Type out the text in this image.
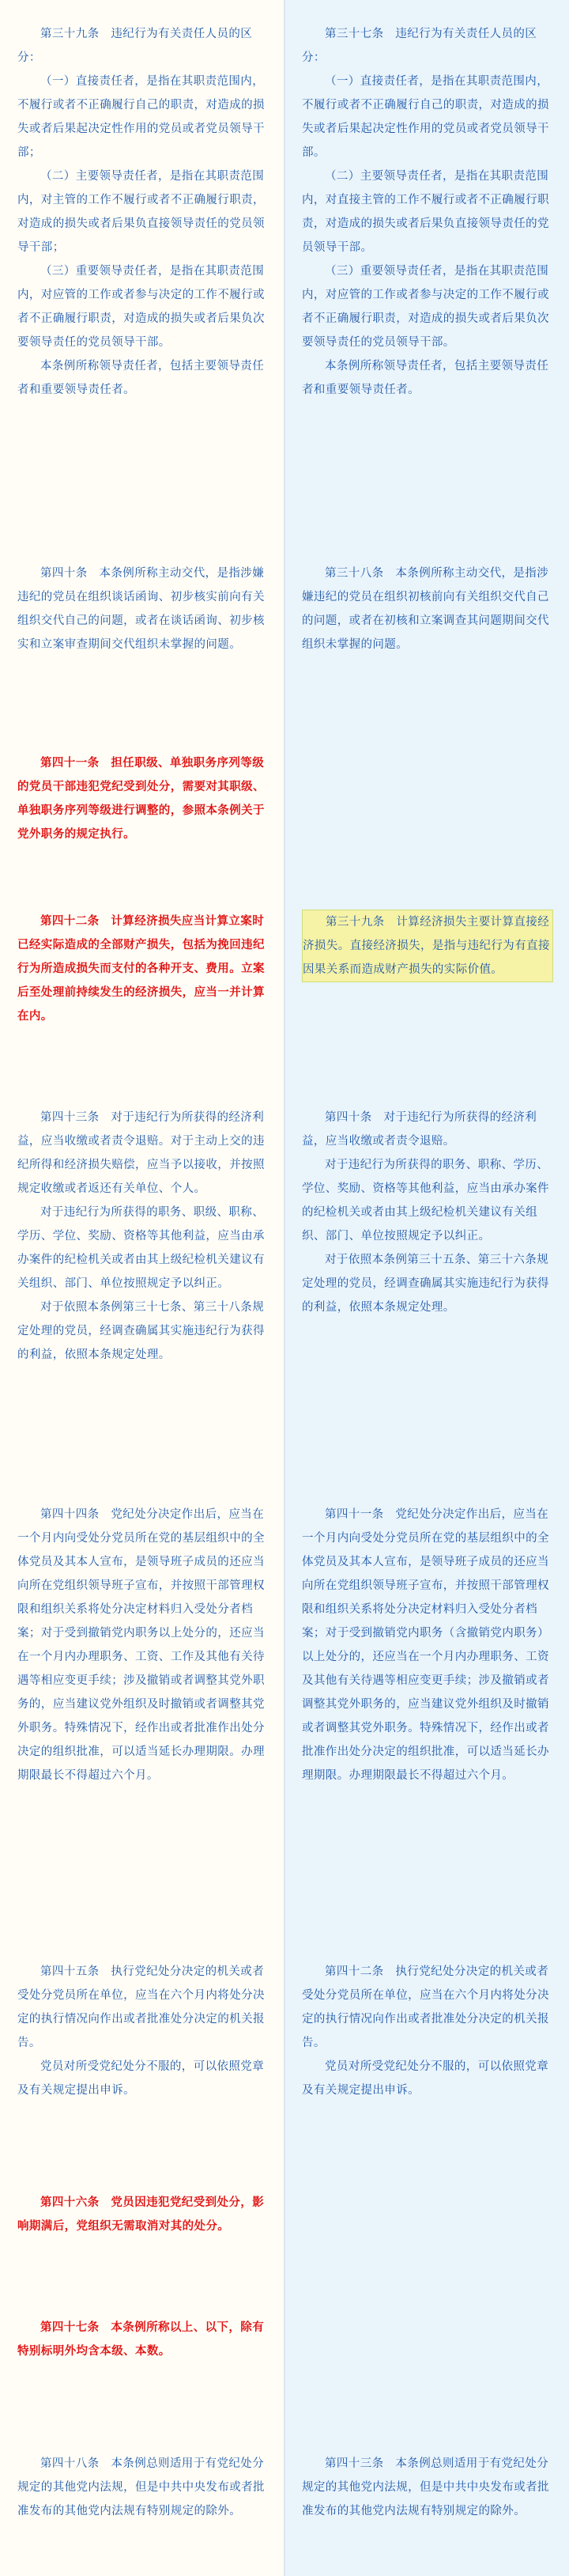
第三十九条　违纪行为有关责任人员的区分：

（一）直接责任者，是指在其职责范围内，不履行或者不正确履行自己的职责，对造成的损失或者后果起决定性作用的党员或者党员领导干部；

（二）主要领导责任者，是指在其职责范围内，对主管的工作不履行或者不正确履行职责，对造成的损失或者后果负直接领导责任的党员领导干部；

（三）重要领导责任者，是指在其职责范围内，对应管的工作或者参与决定的工作不履行或者不正确履行职责，对造成的损失或者后果负次要领导责任的党员领导干部。

本条例所称领导责任者，包括主要领导责任者和重要领导责任者。

第四十条　本条例所称主动交代，是指涉嫌违纪的党员在组织谈话函询、初步核实前向有关组织交代自己的问题，或者在谈话函询、初步核实和立案审查期间交代组织未掌握的问题。

第四十一条　担任职级、单独职务序列等级的党员干部违犯党纪受到处分，需要对其职级、单独职务序列等级进行调整的，参照本条例关于党外职务的规定执行。

第四十二条　计算经济损失应当计算立案时已经实际造成的全部财产损失，包括为挽回违纪行为所造成损失而支付的各种开支、费用。立案后至处理前持续发生的经济损失，应当一并计算在内。

第四十三条　对于违纪行为所获得的经济利益，应当收缴或者责令退赔。对于主动上交的违纪所得和经济损失赔偿，应当予以接收，并按照规定收缴或者返还有关单位、个人。

对于违纪行为所获得的职务、职级、职称、学历、学位、奖励、资格等其他利益，应当由承办案件的纪检机关或者由其上级纪检机关建议有关组织、部门、单位按照规定予以纠正。

对于依照本条例第三十七条、第三十八条规定处理的党员，经调查确属其实施违纪行为获得的利益，依照本条规定处理。

第四十四条　党纪处分决定作出后，应当在一个月内向受处分党员所在党的基层组织中的全体党员及其本人宣布，是领导班子成员的还应当向所在党组织领导班子宣布，并按照干部管理权限和组织关系将处分决定材料归入受处分者档案；对于受到撤销党内职务以上处分的，还应当在一个月内办理职务、工资、工作及其他有关待遇等相应变更手续；涉及撤销或者调整其党外职务的，应当建议党外组织及时撤销或者调整其党外职务。特殊情况下，经作出或者批准作出处分决定的组织批准，可以适当延长办理期限。办理期限最长不得超过六个月。

第四十五条　执行党纪处分决定的机关或者受处分党员所在单位，应当在六个月内将处分决定的执行情况向作出或者批准处分决定的机关报告。

党员对所受党纪处分不服的，可以依照党章及有关规定提出申诉。

第四十六条　党员因违犯党纪受到处分，影响期满后，党组织无需取消对其的处分。

第四十七条　本条例所称以上、以下，除有特别标明外均含本级、本数。

第四十八条　本条例总则适用于有党纪处分规定的其他党内法规，但是中共中央发布或者批准发布的其他党内法规有特别规定的除外。

第三十七条　违纪行为有关责任人员的区分：

（一）直接责任者，是指在其职责范围内，不履行或者不正确履行自己的职责，对造成的损失或者后果起决定性作用的党员或者党员领导干部。

（二）主要领导责任者，是指在其职责范围内，对直接主管的工作不履行或者不正确履行职责，对造成的损失或者后果负直接领导责任的党员领导干部。

（三）重要领导责任者，是指在其职责范围内，对应管的工作或者参与决定的工作不履行或者不正确履行职责，对造成的损失或者后果负次要领导责任的党员领导干部。

本条例所称领导责任者，包括主要领导责任者和重要领导责任者。

第三十八条　本条例所称主动交代，是指涉嫌违纪的党员在组织初核前向有关组织交代自己的问题，或者在初核和立案调查其问题期间交代组织未掌握的问题。

第三十九条　计算经济损失主要计算直接经济损失。直接经济损失，是指与违纪行为有直接因果关系而造成财产损失的实际价值。

第四十条　对于违纪行为所获得的经济利益，应当收缴或者责令退赔。

对于违纪行为所获得的职务、职称、学历、学位、奖励、资格等其他利益，应当由承办案件的纪检机关或者由其上级纪检机关建议有关组织、部门、单位按照规定予以纠正。

对于依照本条例第三十五条、第三十六条规定处理的党员，经调查确属其实施违纪行为获得的利益，依照本条规定处理。

第四十一条　党纪处分决定作出后，应当在一个月内向受处分党员所在党的基层组织中的全体党员及其本人宣布，是领导班子成员的还应当向所在党组织领导班子宣布，并按照干部管理权限和组织关系将处分决定材料归入受处分者档案；对于受到撤销党内职务（含撤销党内职务）以上处分的，还应当在一个月内办理职务、工资及其他有关待遇等相应变更手续；涉及撤销或者调整其党外职务的，应当建议党外组织及时撤销或者调整其党外职务。特殊情况下，经作出或者批准作出处分决定的组织批准，可以适当延长办理期限。办理期限最长不得超过六个月。

第四十二条　执行党纪处分决定的机关或者受处分党员所在单位，应当在六个月内将处分决定的执行情况向作出或者批准处分决定的机关报告。

党员对所受党纪处分不服的，可以依照党章及有关规定提出申诉。

第四十三条　本条例总则适用于有党纪处分规定的其他党内法规，但是中共中央发布或者批准发布的其他党内法规有特别规定的除外。
